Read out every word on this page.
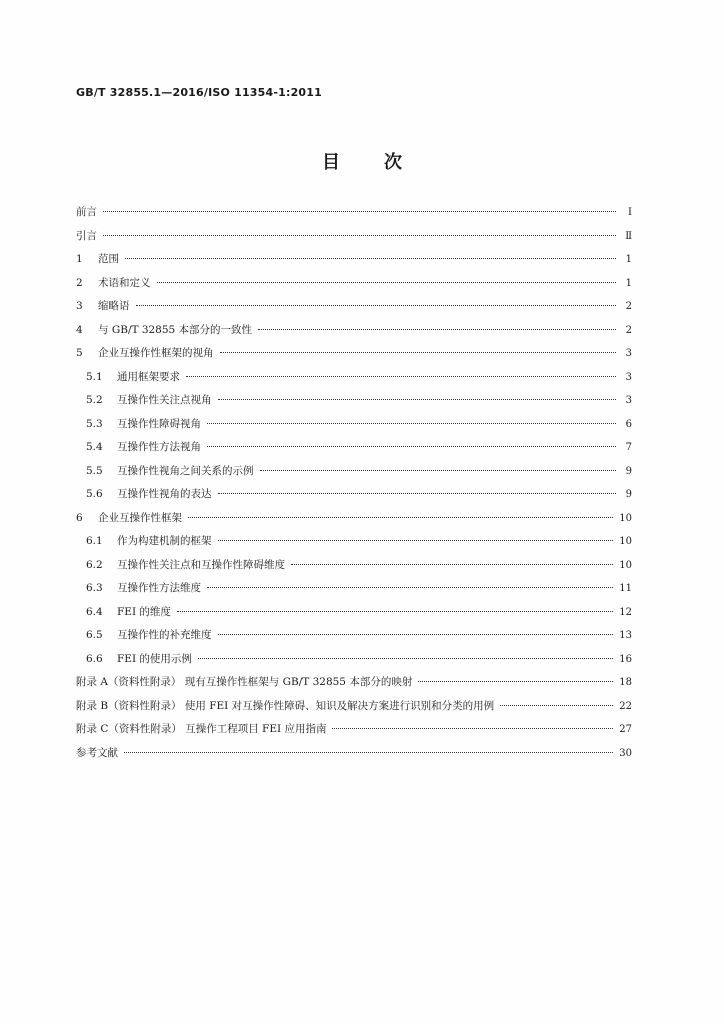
GB/T 32855.1—2016/ISO 11354-1:2011
目次
前言	Ⅰ
引言	Ⅱ
1 范围	1
2 术语和定义	1
3 缩略语	2
4 与 GB/T 32855 本部分的一致性	2
5 企业互操作性框架的视角	3
5.1 通用框架要求	3
5.2 互操作性关注点视角	3
5.3 互操作性障碍视角	6
5.4 互操作性方法视角	7
5.5 互操作性视角之间关系的示例	9
5.6 互操作性视角的表达	9
6 企业互操作性框架	10
6.1 作为构建机制的框架	10
6.2 互操作性关注点和互操作性障碍维度	10
6.3 互操作性方法维度	11
6.4 FEI 的维度	12
6.5 互操作性的补充维度	13
6.6 FEI 的使用示例	16
附录 A（资料性附录） 现有互操作性框架与 GB/T 32855 本部分的映射	18
附录 B（资料性附录） 使用 FEI 对互操作性障碍、知识及解决方案进行识别和分类的用例	22
附录 C（资料性附录） 互操作工程项目 FEI 应用指南	27
参考文献	30
